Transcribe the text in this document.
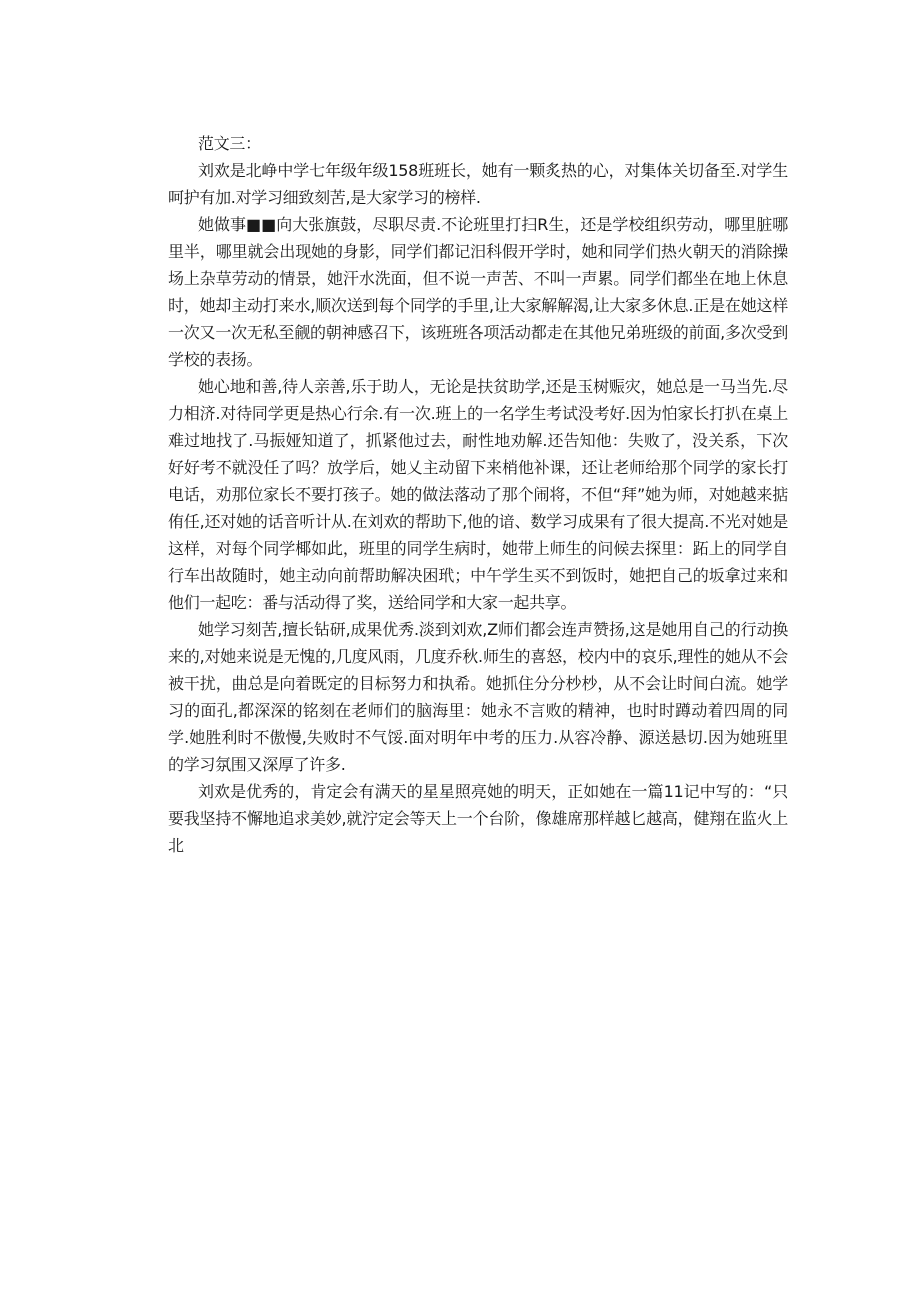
范文三：

刘欢是北峥中学七年级年级158班班长，她有一颗炙热的心，对集体关切备至.对学生呵护有加.对学习细致刻苦,是大家学习的榜样.

她做事■■向大张旗鼓，尽职尽责.不论班里打扫R生，还是学校组织劳动，哪里脏哪里半，哪里就会出现她的身影，同学们都记汨科假开学时，她和同学们热火朝天的消除操场上杂草劳动的情景，她汗水洗面，但不说一声苦、不叫一声累。同学们都坐在地上休息时，她却主动打来水,顺次送到每个同学的手里,让大家解解渴,让大家多休息.正是在她这样一次又一次无私至觎的朝神感召下，该班班各项活动都走在其他兄弟班级的前面,多次受到学校的表扬。

她心地和善,待人亲善,乐于助人，无论是扶贫助学,还是玉树赈灾，她总是一马当先.尽力相济.对待同学更是热心行余.有一次.班上的一名学生考试没考好.因为怕家长打扒在桌上难过地找了.马振娅知道了，抓紧他过去，耐性地劝解.还告知他：失败了，没关系，下次好好考不就没任了吗？放学后，她乂主动留下来梢他补课，还让老师给那个同学的家长打电话，劝那位家长不要打孩子。她的做法落动了那个闹将，不但“拜”她为师，对她越来掂侑任,还对她的话音听计从.在刘欢的帮助下,他的谙、数学习成果有了很大提高.不光对她是这样，对每个同学椰如此，班里的同学生病时，她带上师生的问候去探里：跖上的同学自行车出故随时，她主动向前帮助解决困玳；中午学生买不到饭时，她把自己的坂拿过来和他们一起吃：番与活动得了奖，送给同学和大家一起共享。

她学习刻苦,擅长钻研,成果优秀.淡到刘欢,Z师们都会连声赞扬,这是她用自己的行动换来的,对她来说是无愧的,几度风雨，几度乔秋.师生的喜怒，校内中的哀乐,理性的她从不会被干扰，曲总是向着既定的目标努力和执希。她抓住分分杪杪，从不会让时间白流。她学习的面孔,都深深的铭刻在老师们的脑海里：她永不言败的精神，也时时蹲动着四周的同学.她胜利时不傲慢,失败时不气馁.面对明年中考的压力.从容冷静、源送悬切.因为她班里的学习氛围又深厚了许多.

刘欢是优秀的，肯定会有满天的星星照亮她的明天，正如她在一篇11记中写的：“只要我坚持不懈地追求美妙,就泞定会等天上一个台阶，像雄席那样越匕越高，健翔在监火上北
